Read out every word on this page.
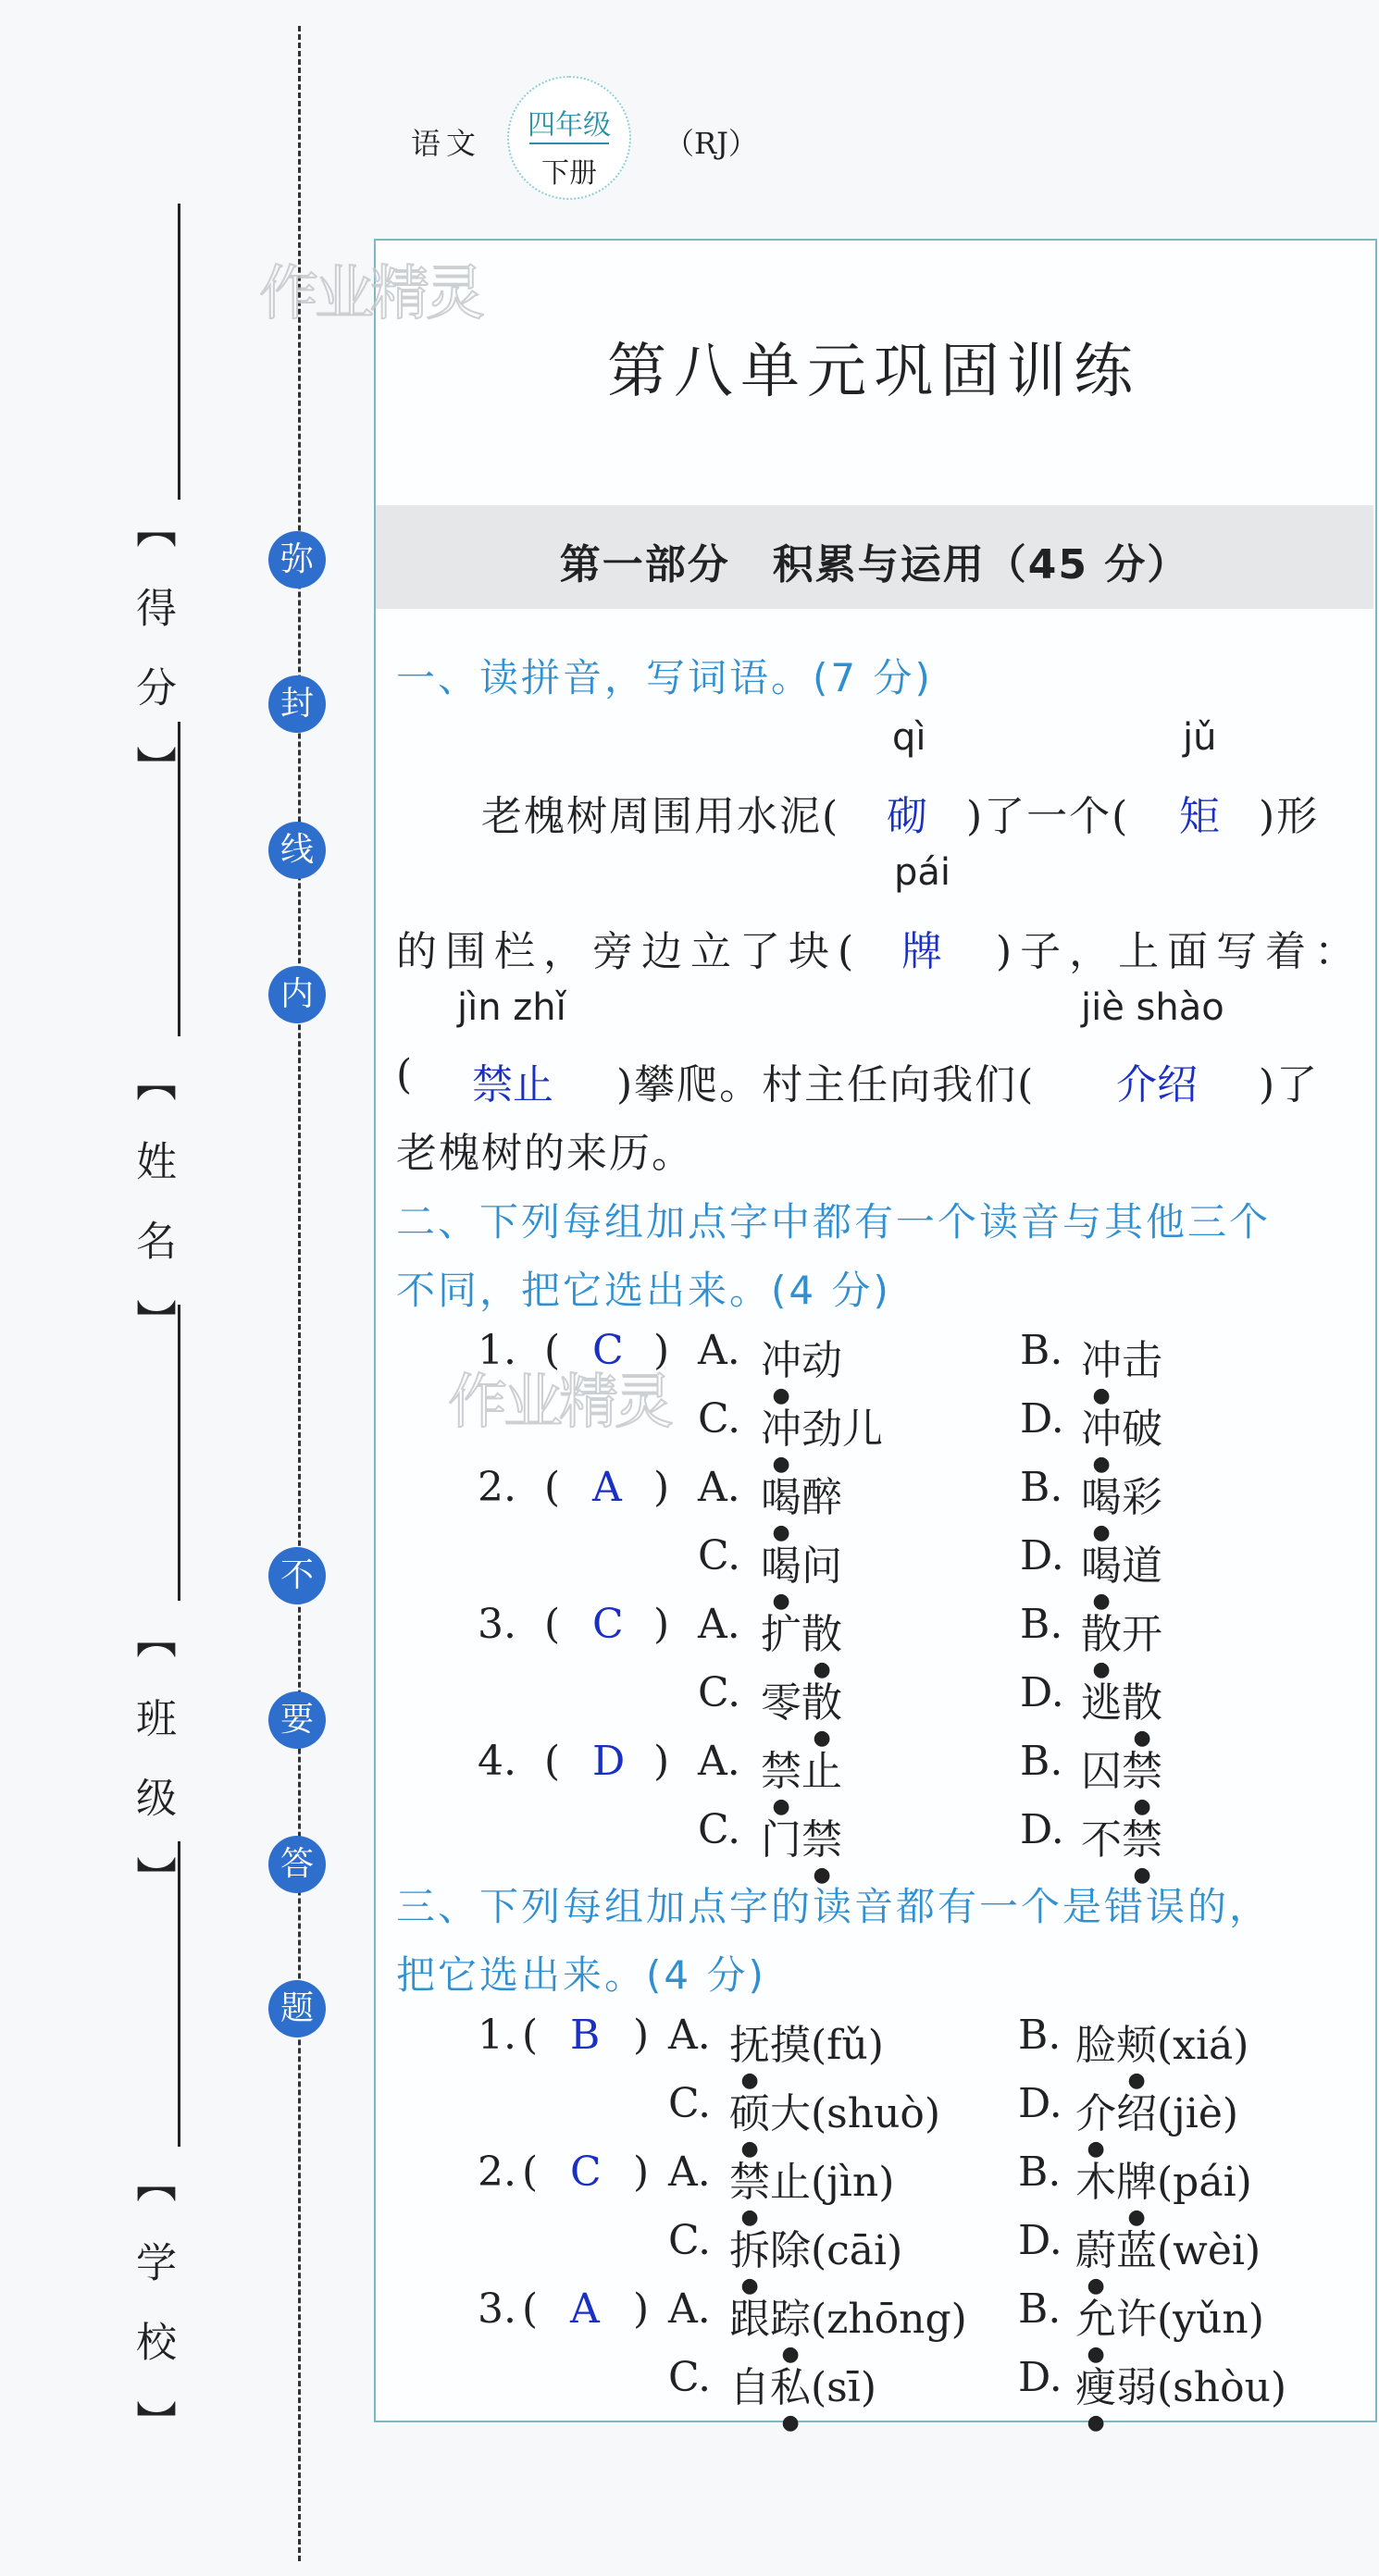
【 得 分 】
【 姓 名 】
【 班 级 】
【 学 校 】
弥
封
线
内
不
要
答
题
语文
四年级
下册
（RJ）
作业精灵
作业精灵
第八单元巩固训练
第一部分　积累与运用（45 分）
一、读拼音，写词语。(7 分)
qì	jǔ
老槐树周围用水泥( 砌 )了一个( 矩 )形
pái
的围栏，旁边立了块( 牌 )子，上面写着：
jìn zhǐ	jiè shào
( 禁止 )攀爬。村主任向我们( 介绍 )了
老槐树的来历。
二、下列每组加点字中都有一个读音与其他三个
不同，把它选出来。(4 分)
1. ( C ) A. 冲动	B. 冲击
C. 冲劲儿	D. 冲破
2. ( A ) A. 喝醉	B. 喝彩
C. 喝问	D. 喝道
3. ( C ) A. 扩散	B. 散开
C. 零散	D. 逃散
4. ( D ) A. 禁止	B. 囚禁
C. 门禁	D. 不禁
三、下列每组加点字的读音都有一个是错误的，
把它选出来。(4 分)
1. ( B ) A. 抚摸(fǔ)	B. 脸颊(xiá)
C. 硕大(shuò) D. 介绍(jiè)
2. ( C ) A. 禁止(jìn)	B. 木牌(pái)
C. 拆除(cāi)	D. 蔚蓝(wèi)
3. ( A ) A. 跟踪(zhōng) B. 允许(yǔn)
C. 自私(sī)	D. 瘦弱(shòu)
